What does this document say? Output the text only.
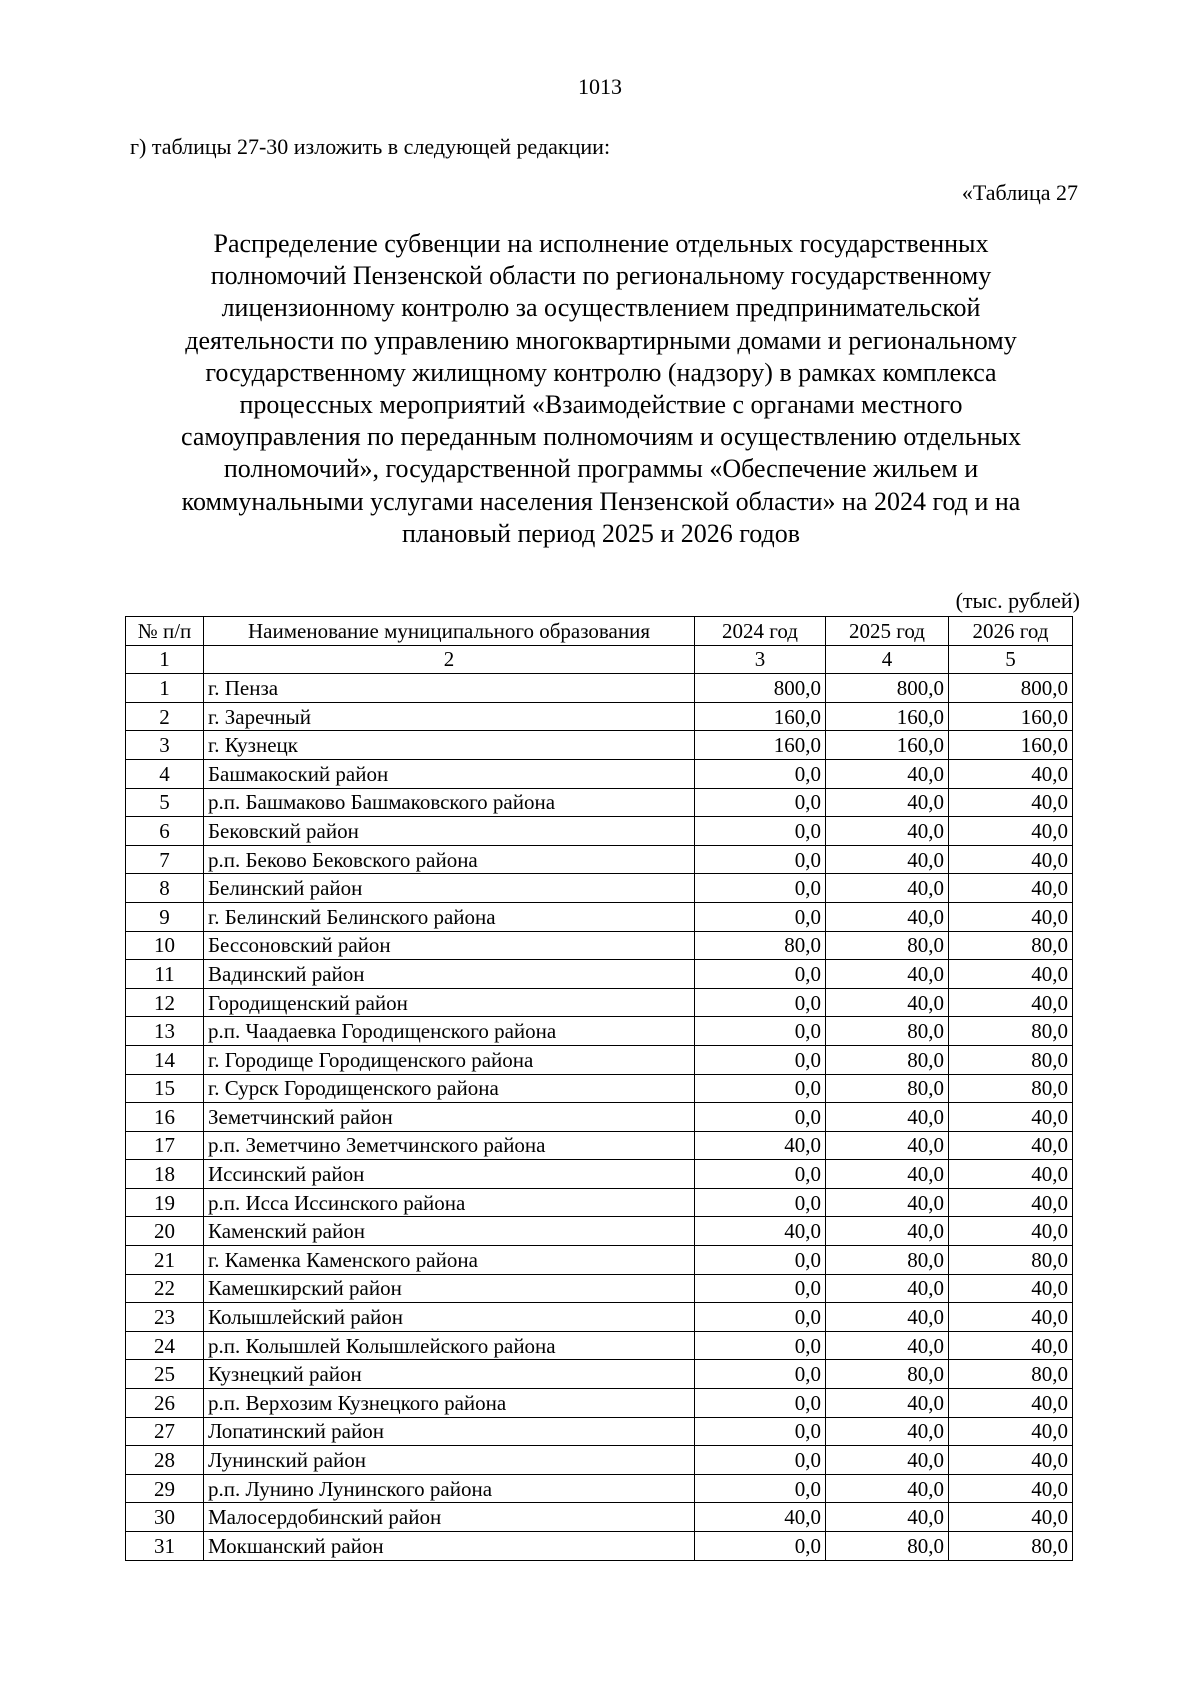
1013
г) таблицы 27-30 изложить в следующей редакции:
«Таблица 27
Распределение субвенции на исполнение отдельных государственных
полномочий Пензенской области по региональному государственному
лицензионному контролю за осуществлением предпринимательской
деятельности по управлению многоквартирными домами и региональному
государственному жилищному контролю (надзору) в рамках комплекса
процессных мероприятий «Взаимодействие с органами местного
самоуправления по переданным полномочиям и осуществлению отдельных
полномочий», государственной программы «Обеспечение жильем и
коммунальными услугами населения Пензенской области» на 2024 год и на
плановый период 2025 и 2026 годов
(тыс. рублей)
№ п/п	Наименование муниципального образования	2024 год	2025 год	2026 год
1	2	3	4	5
1	г. Пенза	800,0	800,0	800,0
2	г. Заречный	160,0	160,0	160,0
3	г. Кузнецк	160,0	160,0	160,0
4	Башмакоский район	0,0	40,0	40,0
5	р.п. Башмаково Башмаковского района	0,0	40,0	40,0
6	Бековский район	0,0	40,0	40,0
7	р.п. Беково Бековского района	0,0	40,0	40,0
8	Белинский район	0,0	40,0	40,0
9	г. Белинский Белинского района	0,0	40,0	40,0
10	Бессоновский район	80,0	80,0	80,0
11	Вадинский район	0,0	40,0	40,0
12	Городищенский район	0,0	40,0	40,0
13	р.п. Чаадаевка Городищенского района	0,0	80,0	80,0
14	г. Городище Городищенского района	0,0	80,0	80,0
15	г. Сурск Городищенского района	0,0	80,0	80,0
16	Земетчинский район	0,0	40,0	40,0
17	р.п. Земетчино Земетчинского района	40,0	40,0	40,0
18	Иссинский район	0,0	40,0	40,0
19	р.п. Исса Иссинского района	0,0	40,0	40,0
20	Каменский район	40,0	40,0	40,0
21	г. Каменка Каменского района	0,0	80,0	80,0
22	Камешкирский район	0,0	40,0	40,0
23	Колышлейский район	0,0	40,0	40,0
24	р.п. Колышлей Колышлейского района	0,0	40,0	40,0
25	Кузнецкий район	0,0	80,0	80,0
26	р.п. Верхозим Кузнецкого района	0,0	40,0	40,0
27	Лопатинский район	0,0	40,0	40,0
28	Лунинский район	0,0	40,0	40,0
29	р.п. Лунино Лунинского района	0,0	40,0	40,0
30	Малосердобинский район	40,0	40,0	40,0
31	Мокшанский район	0,0	80,0	80,0
